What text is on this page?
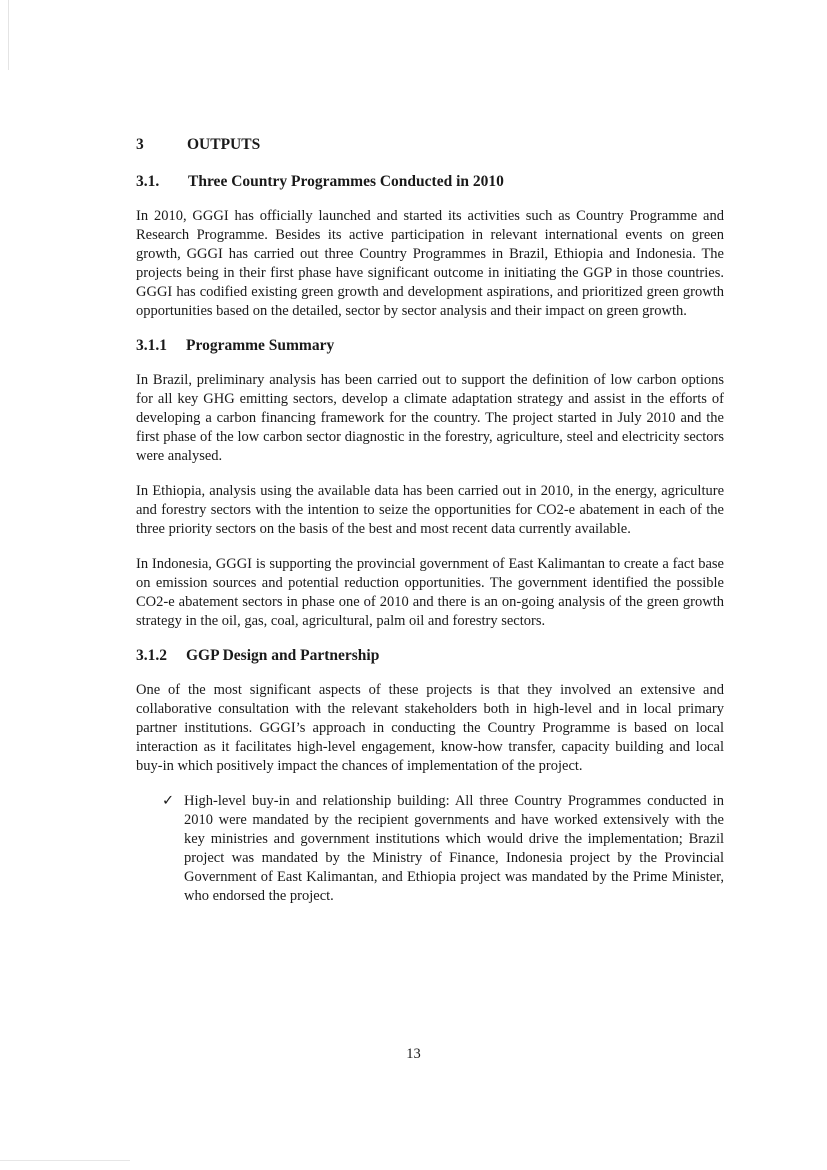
3	OUTPUTS
3.1.	Three Country Programmes Conducted in 2010

In 2010, GGGI has officially launched and started its activities such as Country Programme and Research Programme. Besides its active participation in relevant international events on green growth, GGGI has carried out three Country Programmes in Brazil, Ethiopia and Indonesia. The projects being in their first phase have significant outcome in initiating the GGP in those countries. GGGI has codified existing green growth and development aspirations, and prioritized green growth opportunities based on the detailed, sector by sector analysis and their impact on green growth.

3.1.1	Programme Summary

In Brazil, preliminary analysis has been carried out to support the definition of low carbon options for all key GHG emitting sectors, develop a climate adaptation strategy and assist in the efforts of developing a carbon financing framework for the country. The project started in July 2010 and the first phase of the low carbon sector diagnostic in the forestry, agriculture, steel and electricity sectors were analysed.

In Ethiopia, analysis using the available data has been carried out in 2010, in the energy, agriculture and forestry sectors with the intention to seize the opportunities for CO2-e abatement in each of the three priority sectors on the basis of the best and most recent data currently available.

In Indonesia, GGGI is supporting the provincial government of East Kalimantan to create a fact base on emission sources and potential reduction opportunities. The government identified the possible CO2-e abatement sectors in phase one of 2010 and there is an on-going analysis of the green growth strategy in the oil, gas, coal, agricultural, palm oil and forestry sectors.

3.1.2	GGP Design and Partnership

One of the most significant aspects of these projects is that they involved an extensive and collaborative consultation with the relevant stakeholders both in high-level and in local primary partner institutions. GGGI’s approach in conducting the Country Programme is based on local interaction as it facilitates high-level engagement, know-how transfer, capacity building and local buy-in which positively impact the chances of implementation of the project.

✓ High-level buy-in and relationship building: All three Country Programmes conducted in 2010 were mandated by the recipient governments and have worked extensively with the key ministries and government institutions which would drive the implementation; Brazil project was mandated by the Ministry of Finance, Indonesia project by the Provincial Government of East Kalimantan, and Ethiopia project was mandated by the Prime Minister, who endorsed the project.
13
